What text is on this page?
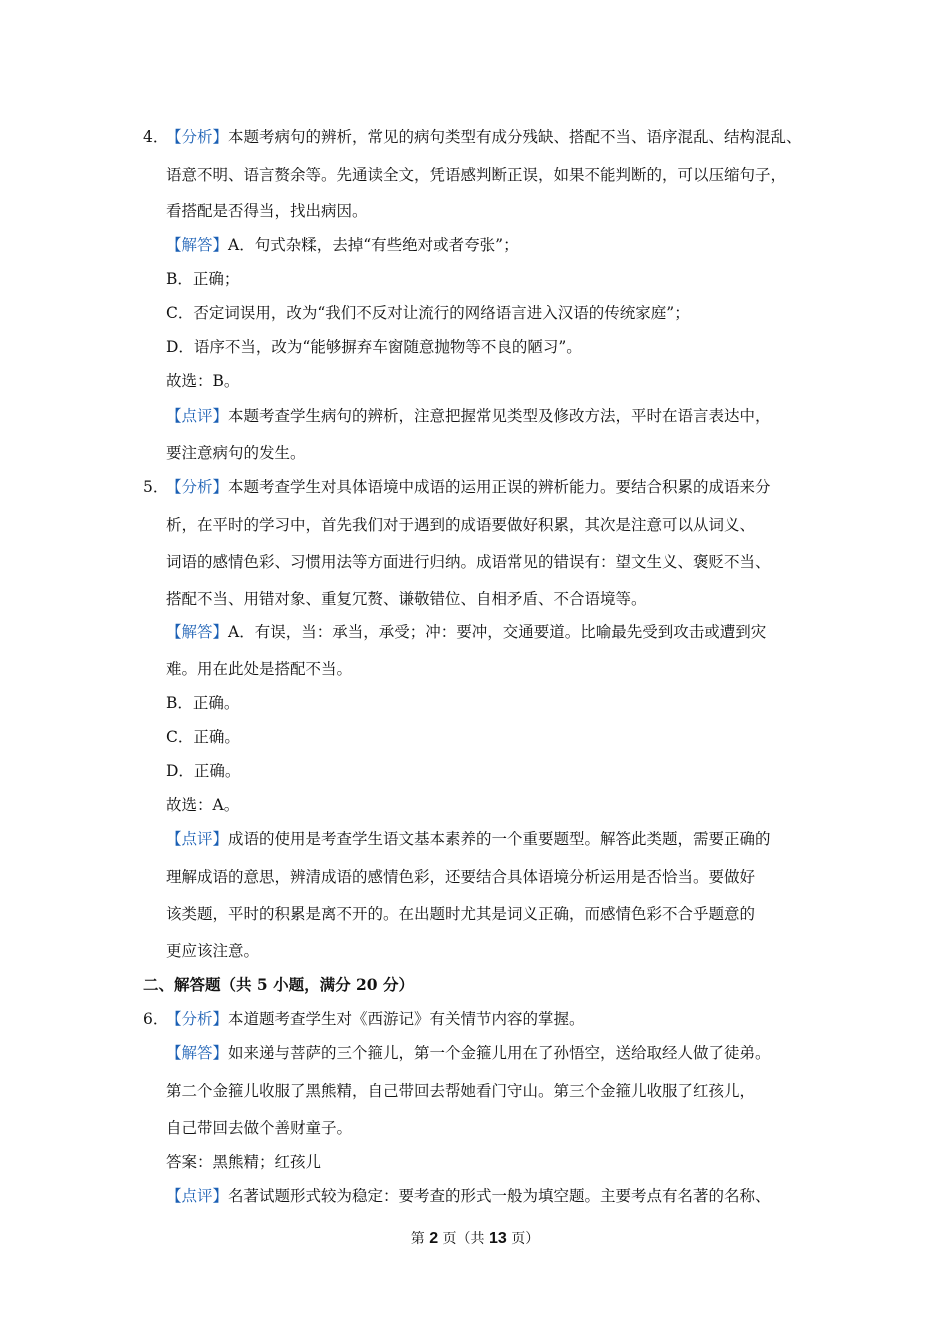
4．
【分析】本题考病句的辨析，常见的病句类型有成分残缺、搭配不当、语序混乱、结构混乱、
语意不明、语言赘余等。先通读全文，凭语感判断正误，如果不能判断的，可以压缩句子，
看搭配是否得当，找出病因。
【解答】A．句式杂糅，去掉“有些绝对或者夸张”；
B．正确；
C．否定词误用，改为“我们不反对让流行的网络语言进入汉语的传统家庭”；
D．语序不当，改为“能够摒弃车窗随意抛物等不良的陋习”。
故选：B。
【点评】本题考查学生病句的辨析，注意把握常见类型及修改方法，平时在语言表达中，
要注意病句的发生。
5．
【分析】本题考查学生对具体语境中成语的运用正误的辨析能力。要结合积累的成语来分
析，在平时的学习中，首先我们对于遇到的成语要做好积累，其次是注意可以从词义、
词语的感情色彩、习惯用法等方面进行归纳。成语常见的错误有：望文生义、褒贬不当、
搭配不当、用错对象、重复冗赘、谦敬错位、自相矛盾、不合语境等。
【解答】A．有误，当：承当，承受；冲：要冲，交通要道。比喻最先受到攻击或遭到灾
难。用在此处是搭配不当。
B．正确。
C．正确。
D．正确。
故选：A。
【点评】成语的使用是考查学生语文基本素养的一个重要题型。解答此类题，需要正确的
理解成语的意思，辨清成语的感情色彩，还要结合具体语境分析运用是否恰当。要做好
该类题，平时的积累是离不开的。在出题时尤其是词义正确，而感情色彩不合乎题意的
更应该注意。
二、解答题（共 5 小题，满分 20 分）
6．
【分析】本道题考查学生对《西游记》有关情节内容的掌握。
【解答】如来递与菩萨的三个箍儿，第一个金箍儿用在了孙悟空，送给取经人做了徒弟。
第二个金箍儿收服了黑熊精，自己带回去帮她看门守山。第三个金箍儿收服了红孩儿，
自己带回去做个善财童子。
答案：黑熊精；红孩儿
【点评】名著试题形式较为稳定：要考查的形式一般为填空题。主要考点有名著的名称、
第 2 页（共 13 页）
